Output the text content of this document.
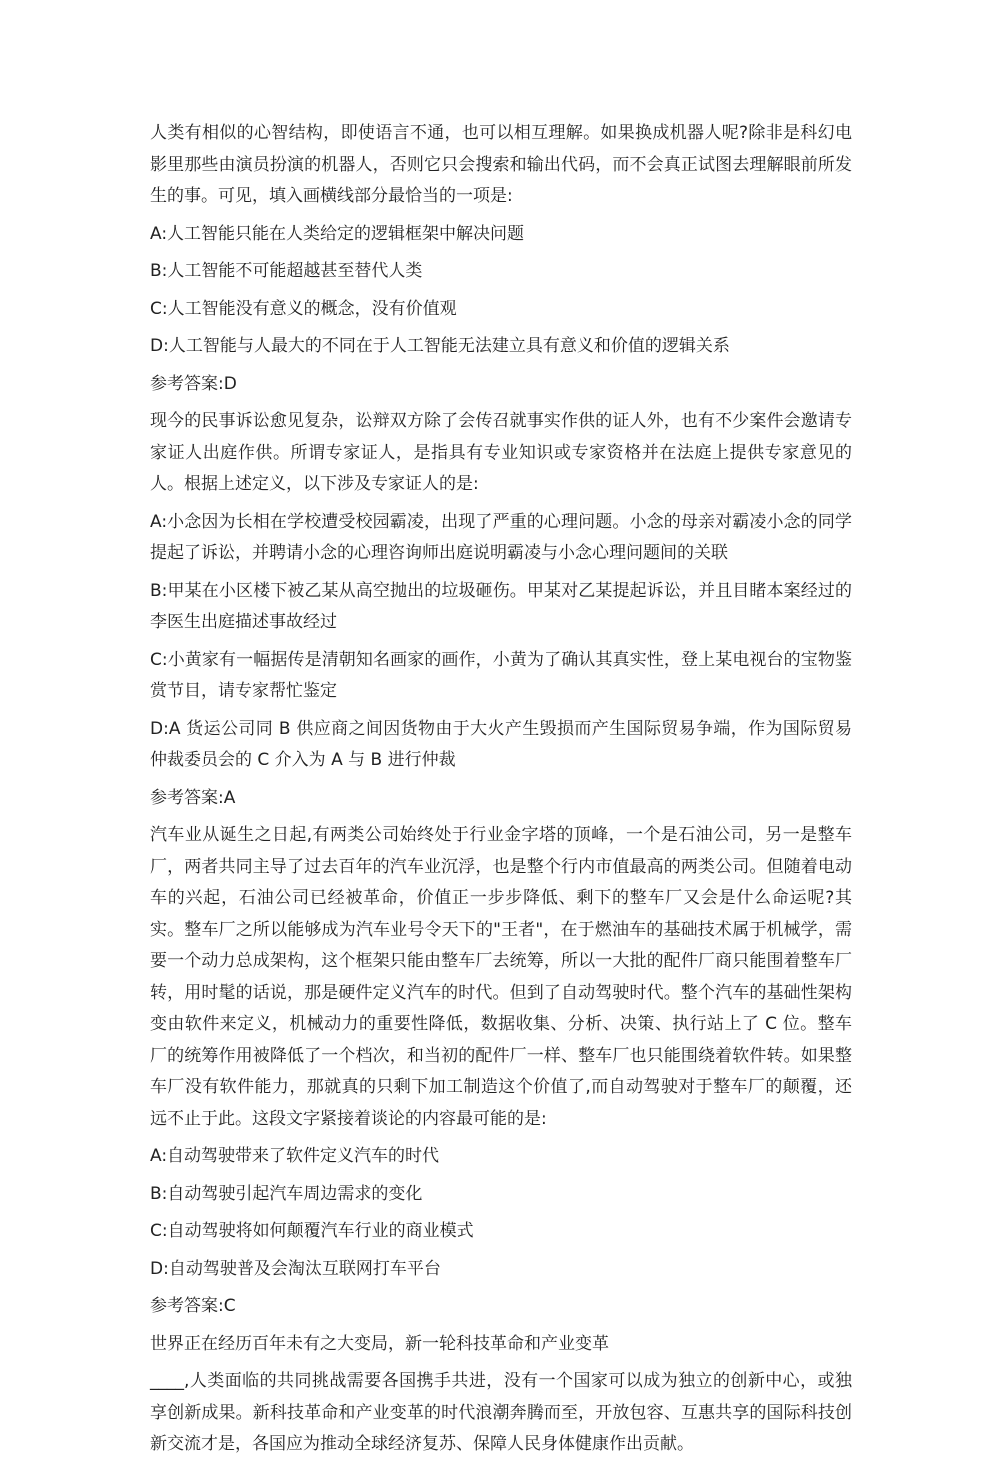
人类有相似的心智结构，即使语言不通，也可以相互理解。如果换成机器人呢?除非是科幻电影里那些由演员扮演的机器人，否则它只会搜索和输出代码，而不会真正试图去理解眼前所发生的事。可见，填入画横线部分最恰当的一项是:

A:人工智能只能在人类给定的逻辑框架中解决问题

B:人工智能不可能超越甚至替代人类

C:人工智能没有意义的概念，没有价值观

D:人工智能与人最大的不同在于人工智能无法建立具有意义和价值的逻辑关系

参考答案:D

现今的民事诉讼愈见复杂，讼辩双方除了会传召就事实作供的证人外，也有不少案件会邀请专家证人出庭作供。所谓专家证人，是指具有专业知识或专家资格并在法庭上提供专家意见的人。根据上述定义，以下涉及专家证人的是:

A:小念因为长相在学校遭受校园霸凌，出现了严重的心理问题。小念的母亲对霸凌小念的同学提起了诉讼，并聘请小念的心理咨询师出庭说明霸凌与小念心理问题间的关联

B:甲某在小区楼下被乙某从高空抛出的垃圾砸伤。甲某对乙某提起诉讼，并且目睹本案经过的李医生出庭描述事故经过

C:小黄家有一幅据传是清朝知名画家的画作，小黄为了确认其真实性，登上某电视台的宝物鉴赏节目，请专家帮忙鉴定

D:A 货运公司同 B 供应商之间因货物由于大火产生毁损而产生国际贸易争端，作为国际贸易仲裁委员会的 C 介入为 A 与 B 进行仲裁

参考答案:A

汽车业从诞生之日起,有两类公司始终处于行业金字塔的顶峰，一个是石油公司，另一是整车厂，两者共同主导了过去百年的汽车业沉浮，也是整个行内市值最高的两类公司。但随着电动车的兴起，石油公司已经被革命，价值正一步步降低、剩下的整车厂又会是什么命运呢?其实。整车厂之所以能够成为汽车业号令天下的"王者"，在于燃油车的基础技术属于机械学，需要一个动力总成架构，这个框架只能由整车厂去统筹，所以一大批的配件厂商只能围着整车厂转，用时髦的话说，那是硬件定义汽车的时代。但到了自动驾驶时代。整个汽车的基础性架构变由软件来定义，机械动力的重要性降低，数据收集、分析、决策、执行站上了 C 位。整车厂的统筹作用被降低了一个档次，和当初的配件厂一样、整车厂也只能围绕着软件转。如果整车厂没有软件能力，那就真的只剩下加工制造这个价值了,而自动驾驶对于整车厂的颠覆，还远不止于此。这段文字紧接着谈论的内容最可能的是:

A:自动驾驶带来了软件定义汽车的时代

B:自动驾驶引起汽车周边需求的变化

C:自动驾驶将如何颠覆汽车行业的商业模式

D:自动驾驶普及会淘汰互联网打车平台

参考答案:C

世界正在经历百年未有之大变局，新一轮科技革命和产业变革

____,人类面临的共同挑战需要各国携手共进，没有一个国家可以成为独立的创新中心，或独享创新成果。新科技革命和产业变革的时代浪潮奔腾而至，开放包容、互惠共享的国际科技创新交流才是，各国应为推动全球经济复苏、保障人民身体健康作出贡献。
